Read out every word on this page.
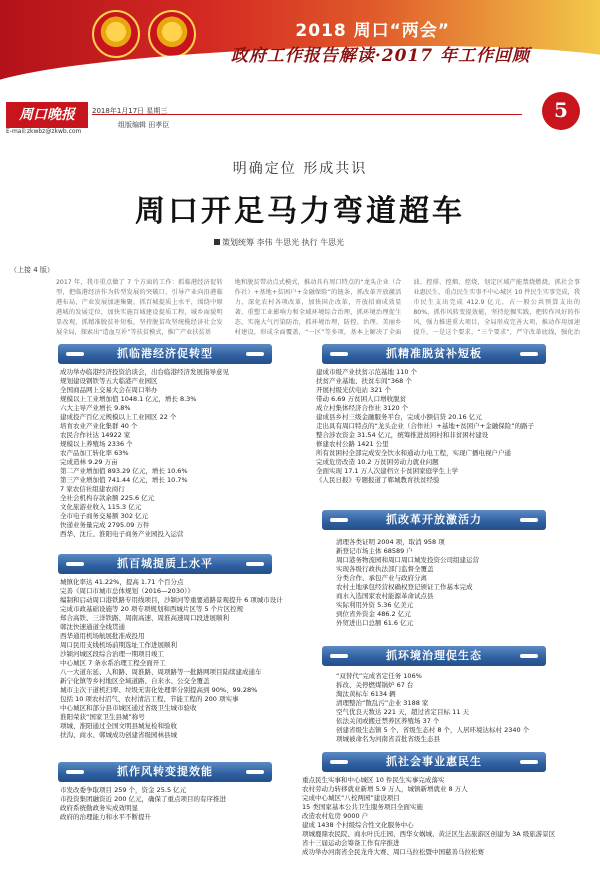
2018 周口“两会”
政府工作报告解读·2017 年工作回顾
周口晚报	2018年1月17日 星期三
组版编辑 田孝臣
E-mail:zkwbz@zkwb.com
5
明确定位 形成共识
周口开足马力弯道超车
策划统筹 李伟 牛思光 执行 牛思光
（上接 4 版）
2017 年，我市重点做了 7 个方面的工作：抓临港经济促转型，把临港经济作为转型发展的突破口，引导产业向沿港临港布局，产业发展加速集聚，抓百城提质上水平，围绕中原港城的发展定位，加快实施百城建设提质工程，城乡面貌明显改观，抓精准脱贫补短板，坚持脱贫攻坚统揽经济社会发展全局，探索出“造血互补”等扶贫模式，推广产业扶贫基
地和脱贫带动点式模式，推动具有周口特点的“龙头企业（合作社）+基地+贫困户+金融保险”的链条，抓改革开放激活力，深化农村各项改革，加快国企改革，开放招商成效显著，重塑工业影响力和全域环境综合治理，抓环境治理促生态，实施大气污染防治，抓环境治理，防控、治理、美丽乡村建设，形成全面覆盖，“一区”等多项，基本上解决了全面
油、控排、控烟、控烧，划定区域产能禁烧燃烧，抓社会事业惠民生，重点民生实事不中心城区 10 件民生实事完成，我市民生支出完成 412.9 亿元，占一般公共预算支出的 80%，抓作风转变提效能，坚持挖掘实践，把转作风好的作风，强力推进重大项目，全局形成完善大项，推动作用加速提升，一是这个要求，“三个要求”，严守改革底线，强化治
抓临港经济促转型
成功举办临港经济投资洽谈会，出台临港经济发展指导意见
规划建设钢铁等五大临港产业园区
全国商品网上交易大会在周口举办
规模以上工业增加值 1048.1 亿元，增长 8.3%
六大主导产业增长 9.8%
建成投产百亿元规模以上工业园区 22 个
培育农业产业化集群 40 个
农民合作社达 14922 家
规模以上养殖场 2336 个
农产品加工转化率 63%
完成造林 9.29 万亩
第二产业增加值 893.29 亿元，增长 10.6%
第三产业增加值 741.44 亿元，增长 10.7%
7 家农信社组建农商行
全社会机构存款余额 225.6 亿元
文化旅游业收入 115.3 亿元
全市电子商务交易额 302 亿元
快递业务量完成 2795.09 万件
西华、沈丘、淮阳电子商务产业园投入运营
抓百城提质上水平
城镇化率达 41.22%，提高 1.71 个百分点
完善《周口市城市总体规划（2016—2030）》
编制和启动周口港铁路专用线项目，沙颍河等重要道路景观提升 6 项城市设计
完成市政基础设施等 20 项专项规划和西城片区等 5 个片区控规
郑合高铁、三洋铁路、周南高速、周淮高速周口段进展顺利
郸沈快速通道全线贯通
西华通用机场航展批准成投用
周口民用支线机场前期选址工作进展顺利
沙颍河城区段综合治理一期项目竣工
中心城区 7 条水系治理工程全面开工
八一大道东延、人和路、周淮路、周项路等一批路网项目陆续建成通车
新宁化镇等乡村地区全域道路、自来水、公交全覆盖
城市主次干道机扫率、垃圾无害化处理率分别提高到 90%、99.28%
包括 10 项农村沼气、农村清洁工程、节能工程的 200 项实事
中心城区和部分县市城区通过省级卫生城市验收
淮阳荣获“国家卫生县城”称号
项城、淮阳通过全国文明县城复检和验收
扶沟、商水、郸城成功创建省级园林县城
抓作风转变提效能
市发改委争取项目 259 个，资金 25.5 亿元
市投资集团融资近 200 亿元，确保了重点项目的有序推进
政府系统勤政务实成效明显
政府的治理能力和水平不断提升
抓精准脱贫补短板
建成市级产业扶贫示范基地 110 个
扶贫产业基地、扶贫车间“368 个
开展村级光伏电站 321 个
带动 6.69 万贫困人口增收脱贫
成立村集体经济合作社 3120 个
建成县乡村三级金融服务平台，完成小额信贷 20.16 亿元
走出具有周口特点的“龙头企业（合作社）+基地+贫困户+金融保险”的路子
整合涉农资金 31.54 亿元，统筹推进贫困村和非贫困村建设
修建农村公路 1421 公里
所有贫困村全部完成安全饮水和通动力电工程，实现广播电视户户通
完成危房改造 10.2 万贫困劳动力就业问题
全面实现 17.1 万人次建档立卡贫困家庭学生上学
《人民日报》专题报道了郸城教育扶贫经验
抓改革开放激活力
清理各类证明 2004 项，取消 958 项
新登记市场主体 68589 户
周口港务物流园和周口周口城发投资公司组建运营
实现各级行政执法部门监督全覆盖
分类合作、承包产业与政府分离
农村土地承包经营权确权登记颁证工作基本完成
商水入选国家农村能源革命试点县
实际利用外资 5.36 亿美元
到位省外资金 486.2 亿元
外贸进出口总额 61.6 亿元
抓环境治理促生态
“双替代”完成省定任务 106%
拆改、关停燃煤锅炉 67 台
淘汰黄标车 6134 辆
清理整治“散乱污”企业 3188 家
空气优良天数达 221 天，超过省定目标 11 天
依法关闭或搬迁禁养区养殖场 37 个
创建省级生态镇 5 个、省级生态村 8 个，人居环境达标村 2340 个
项城被命名为河南省首批省级生态县
抓社会事业惠民生
重点民生实事和中心城区 10 件民生实事完成落实
农村劳动力转移就业新增 5.9 万人，城镇新增就业 8 万人
完成中心城区“八校两园”建设项目
15 类国家基本公共卫生服务项目全面实施
改造农村危房 9000 户
建成 1438 个村级综合性文化服务中心
项城鹿鼎农民院、商水叶氏庄园、西华女娲城、黄泛区生态旅游区创建为 3A 级旅游景区
省十三届运动会筹备工作有序推进
成功举办河南省全民龙舟大赛、周口马拉松暨中国慈善马拉松赛
